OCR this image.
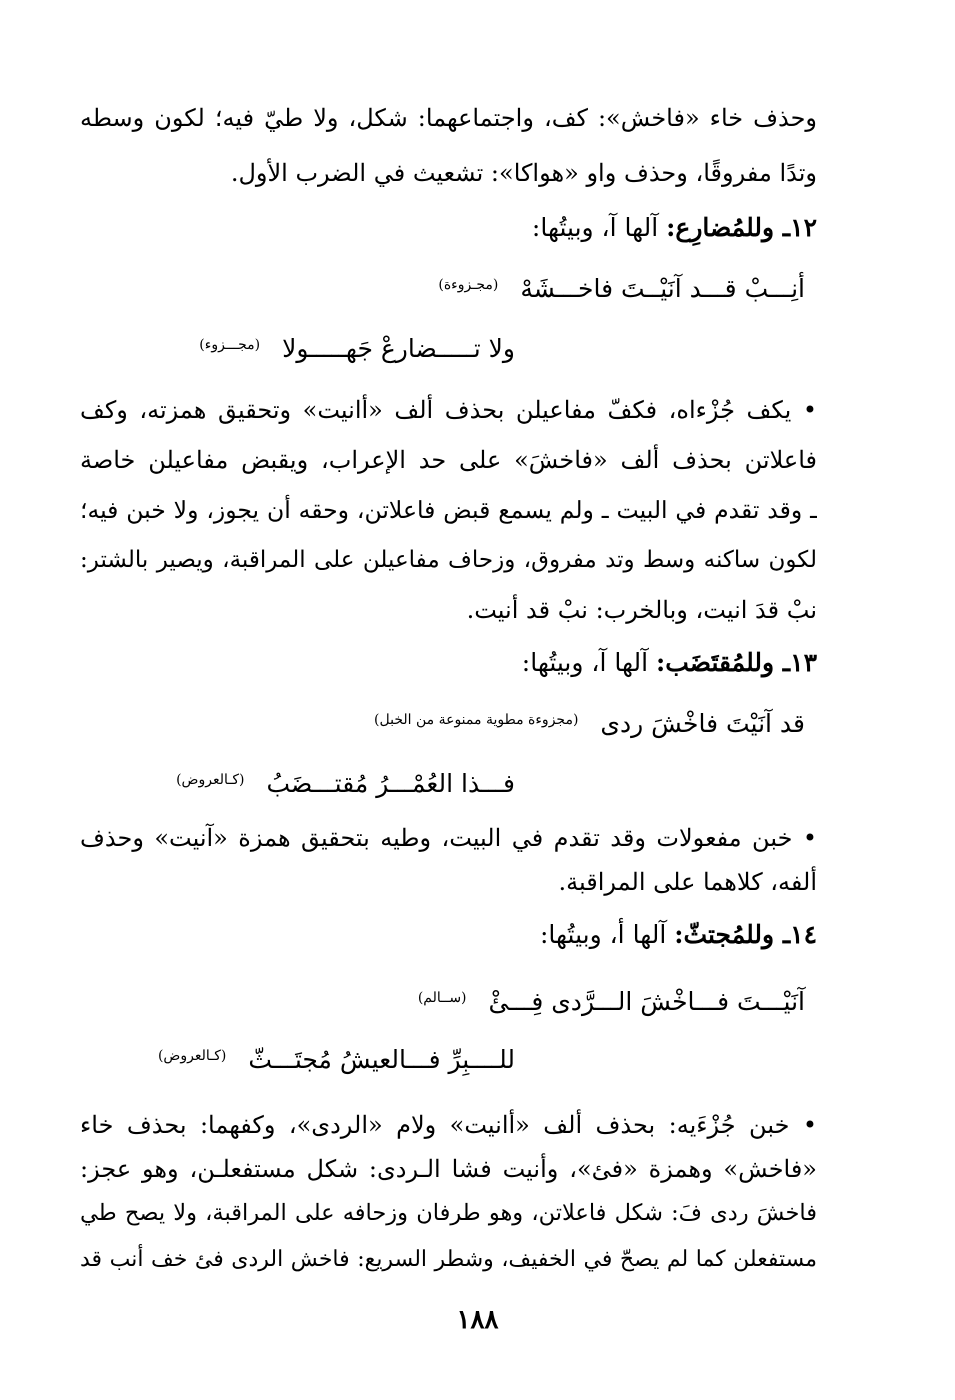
وحذف خاء «فاخش»: كف، واجتماعهما: شكل، ولا طيّ فيه؛ لكون وسطه
وتدًا مفروقًا، وحذف واو «هواكا»: تشعيث في الضرب الأول.
١٢ـ وللمُضارِع: آلها آ، وبيتُها:
أنِـــبْ قـــد آنَيْــتَ فاخـــشَهْ$^{(مجـزوءة)}$
ولا تـــــضارعْ جَهـــــولا$^{(مجـــزوء)}$
• يكف جُزْءاه، فكفّ مفاعيلن بحذف ألف «أانيت» وتحقيق همزته، وكف
فاعلاتن بحذف ألف «فاخشَ» على حد الإعراب، ويقبض مفاعيلن خاصة
ـ وقد تقدم في البيت ـ ولم يسمع قبض فاعلاتن، وحقه أن يجوز، ولا خبن فيه؛
لكون ساكنه وسط وتد مفروق، وزحاف مفاعيلن على المراقبة، ويصير بالشتر:
نبْ قدَ انيت، وبالخرب: نبْ قد أنيت.
١٣ـ وللمُقتَضَب: آلها آ، وبيتُها:
قد آنَيْتَ فاخْشَ ردى$^{(مجزوءة مطوية ممنوعة من الخبل)}$
فـــذا العُمْـــرُ مُقتـــضَبُ$^{(كـالعروض)}$
• خبن مفعولات وقد تقدم في البيت، وطيه بتحقيق همزة «آنيت» وحذف
ألفه، كلاهما على المراقبة.
١٤ـ وللمُجتثّ: آلها أ، وبيتُها:
آنَيْـــتَ فـــاخْشَ الـــرَّدى فِـــئْ$^{(ســالم)}$
للــــبِرِّ فـــالعيشُ مُجتَـــثّ$^{(كـالعروض)}$
• خبن جُزْءَيه: بحذف ألف «أانيت» ولام «الردى»، وكفهما: بحذف خاء
«فاخش» وهمزة «فئ»، وأنيت فشا الـردى: شكل مستفعلـن، وهو عجز:
فاخشَ ردى فَ: شكل فاعلاتن، وهو طرفان وزحافه على المراقبة، ولا يصح طي
مستفعلن كما لم يصحّ في الخفيف، وشطر السريع: فاخش الردى فئ خف أنب قد
١٨٨
